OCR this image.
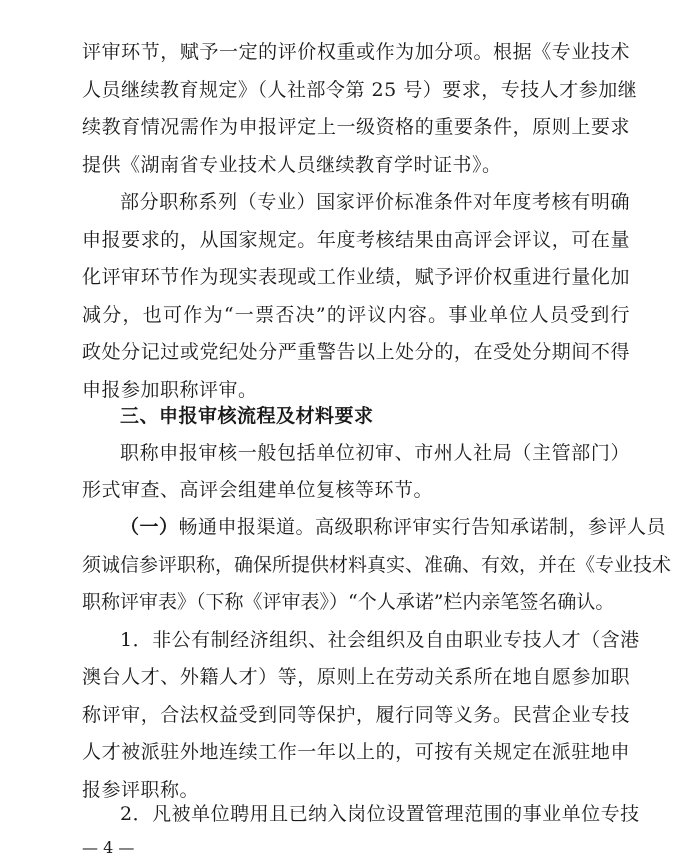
评审环节，赋予一定的评价权重或作为加分项。根据《专业技术
人员继续教育规定》（人社部令第 25 号）要求，专技人才参加继
续教育情况需作为申报评定上一级资格的重要条件，原则上要求
提供《湖南省专业技术人员继续教育学时证书》。
部分职称系列（专业）国家评价标准条件对年度考核有明确
申报要求的，从国家规定。年度考核结果由高评会评议，可在量
化评审环节作为现实表现或工作业绩，赋予评价权重进行量化加
减分，也可作为“一票否决”的评议内容。事业单位人员受到行
政处分记过或党纪处分严重警告以上处分的，在受处分期间不得
申报参加职称评审。
三、申报审核流程及材料要求
职称申报审核一般包括单位初审、市州人社局（主管部门）
形式审查、高评会组建单位复核等环节。
（一）畅通申报渠道。高级职称评审实行告知承诺制，参评人员
须诚信参评职称，确保所提供材料真实、准确、有效，并在《专业技术
职称评审表》（下称《评审表》）“个人承诺”栏内亲笔签名确认。
1．非公有制经济组织、社会组织及自由职业专技人才（含港
澳台人才、外籍人才）等，原则上在劳动关系所在地自愿参加职
称评审，合法权益受到同等保护，履行同等义务。民营企业专技
人才被派驻外地连续工作一年以上的，可按有关规定在派驻地申
报参评职称。
2．凡被单位聘用且已纳入岗位设置管理范围的事业单位专技
— 4 —
